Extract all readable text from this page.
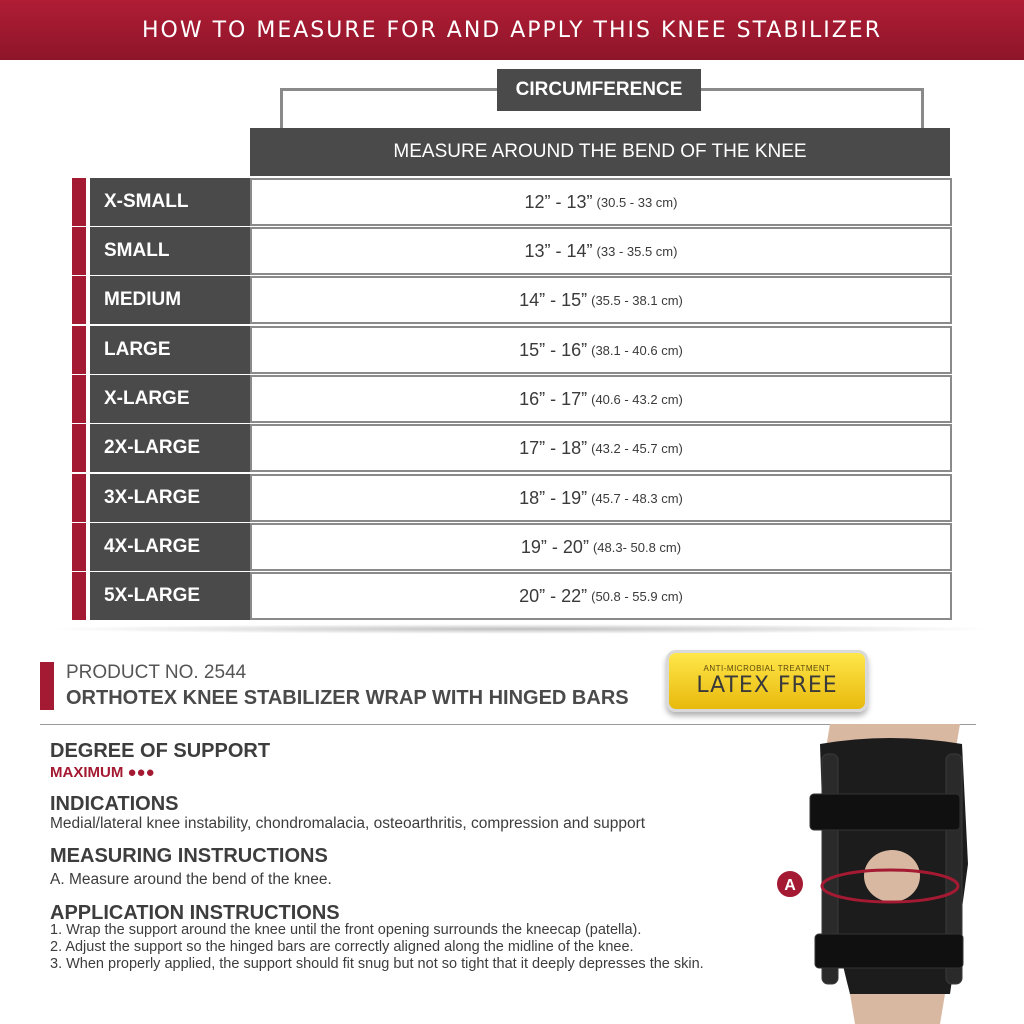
HOW TO MEASURE FOR AND APPLY THIS KNEE STABILIZER
CIRCUMFERENCE
MEASURE AROUND THE BEND OF THE KNEE
X-SMALL	12” - 13” (30.5 - 33 cm)
SMALL	13” - 14” (33 - 35.5 cm)
MEDIUM	14” - 15” (35.5 - 38.1 cm)
LARGE	15” - 16” (38.1 - 40.6 cm)
X-LARGE	16” - 17” (40.6 - 43.2 cm)
2X-LARGE	17” - 18” (43.2 - 45.7 cm)
3X-LARGE	18” - 19” (45.7 - 48.3 cm)
4X-LARGE	19” - 20” (48.3- 50.8 cm)
5X-LARGE	20” - 22” (50.8 - 55.9 cm)
PRODUCT NO. 2544
ORTHOTEX KNEE STABILIZER WRAP WITH HINGED BARS
ANTI-MICROBIAL TREATMENT
LATEX FREE
DEGREE OF SUPPORT
MAXIMUM ●●●
INDICATIONS
Medial/lateral knee instability, chondromalacia, osteoarthritis, compression and support
MEASURING INSTRUCTIONS
A. Measure around the bend of the knee.
APPLICATION INSTRUCTIONS
1. Wrap the support around the knee until the front opening surrounds the kneecap (patella).
2. Adjust the support so the hinged bars are correctly aligned along the midline of the knee.
3. When properly applied, the support should fit snug but not so tight that it deeply depresses the skin.
A
